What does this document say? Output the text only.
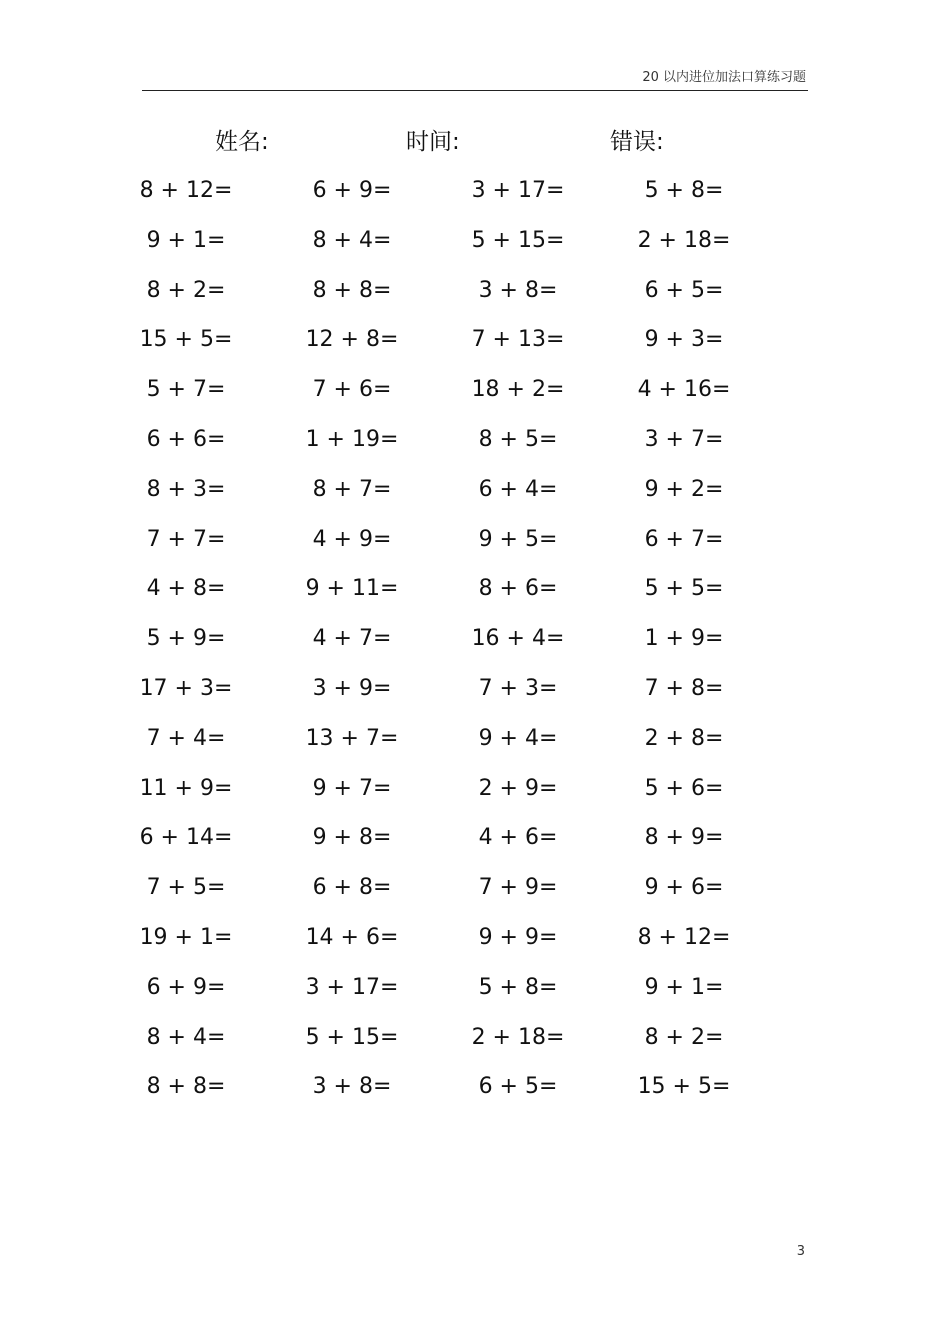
20 以内进位加法口算练习题
姓名:	时间:	错误:
8 + 12=	6 + 9=	3 + 17=	5 + 8=
9 + 1=	8 + 4=	5 + 15=	2 + 18=
8 + 2=	8 + 8=	3 + 8=	6 + 5=
15 + 5=	12 + 8=	7 + 13=	9 + 3=
5 + 7=	7 + 6=	18 + 2=	4 + 16=
6 + 6=	1 + 19=	8 + 5=	3 + 7=
8 + 3=	8 + 7=	6 + 4=	9 + 2=
7 + 7=	4 + 9=	9 + 5=	6 + 7=
4 + 8=	9 + 11=	8 + 6=	5 + 5=
5 + 9=	4 + 7=	16 + 4=	1 + 9=
17 + 3=	3 + 9=	7 + 3=	7 + 8=
7 + 4=	13 + 7=	9 + 4=	2 + 8=
11 + 9=	9 + 7=	2 + 9=	5 + 6=
6 + 14=	9 + 8=	4 + 6=	8 + 9=
7 + 5=	6 + 8=	7 + 9=	9 + 6=
19 + 1=	14 + 6=	9 + 9=	8 + 12=
6 + 9=	3 + 17=	5 + 8=	9 + 1=
8 + 4=	5 + 15=	2 + 18=	8 + 2=
8 + 8=	3 + 8=	6 + 5=	15 + 5=
3
